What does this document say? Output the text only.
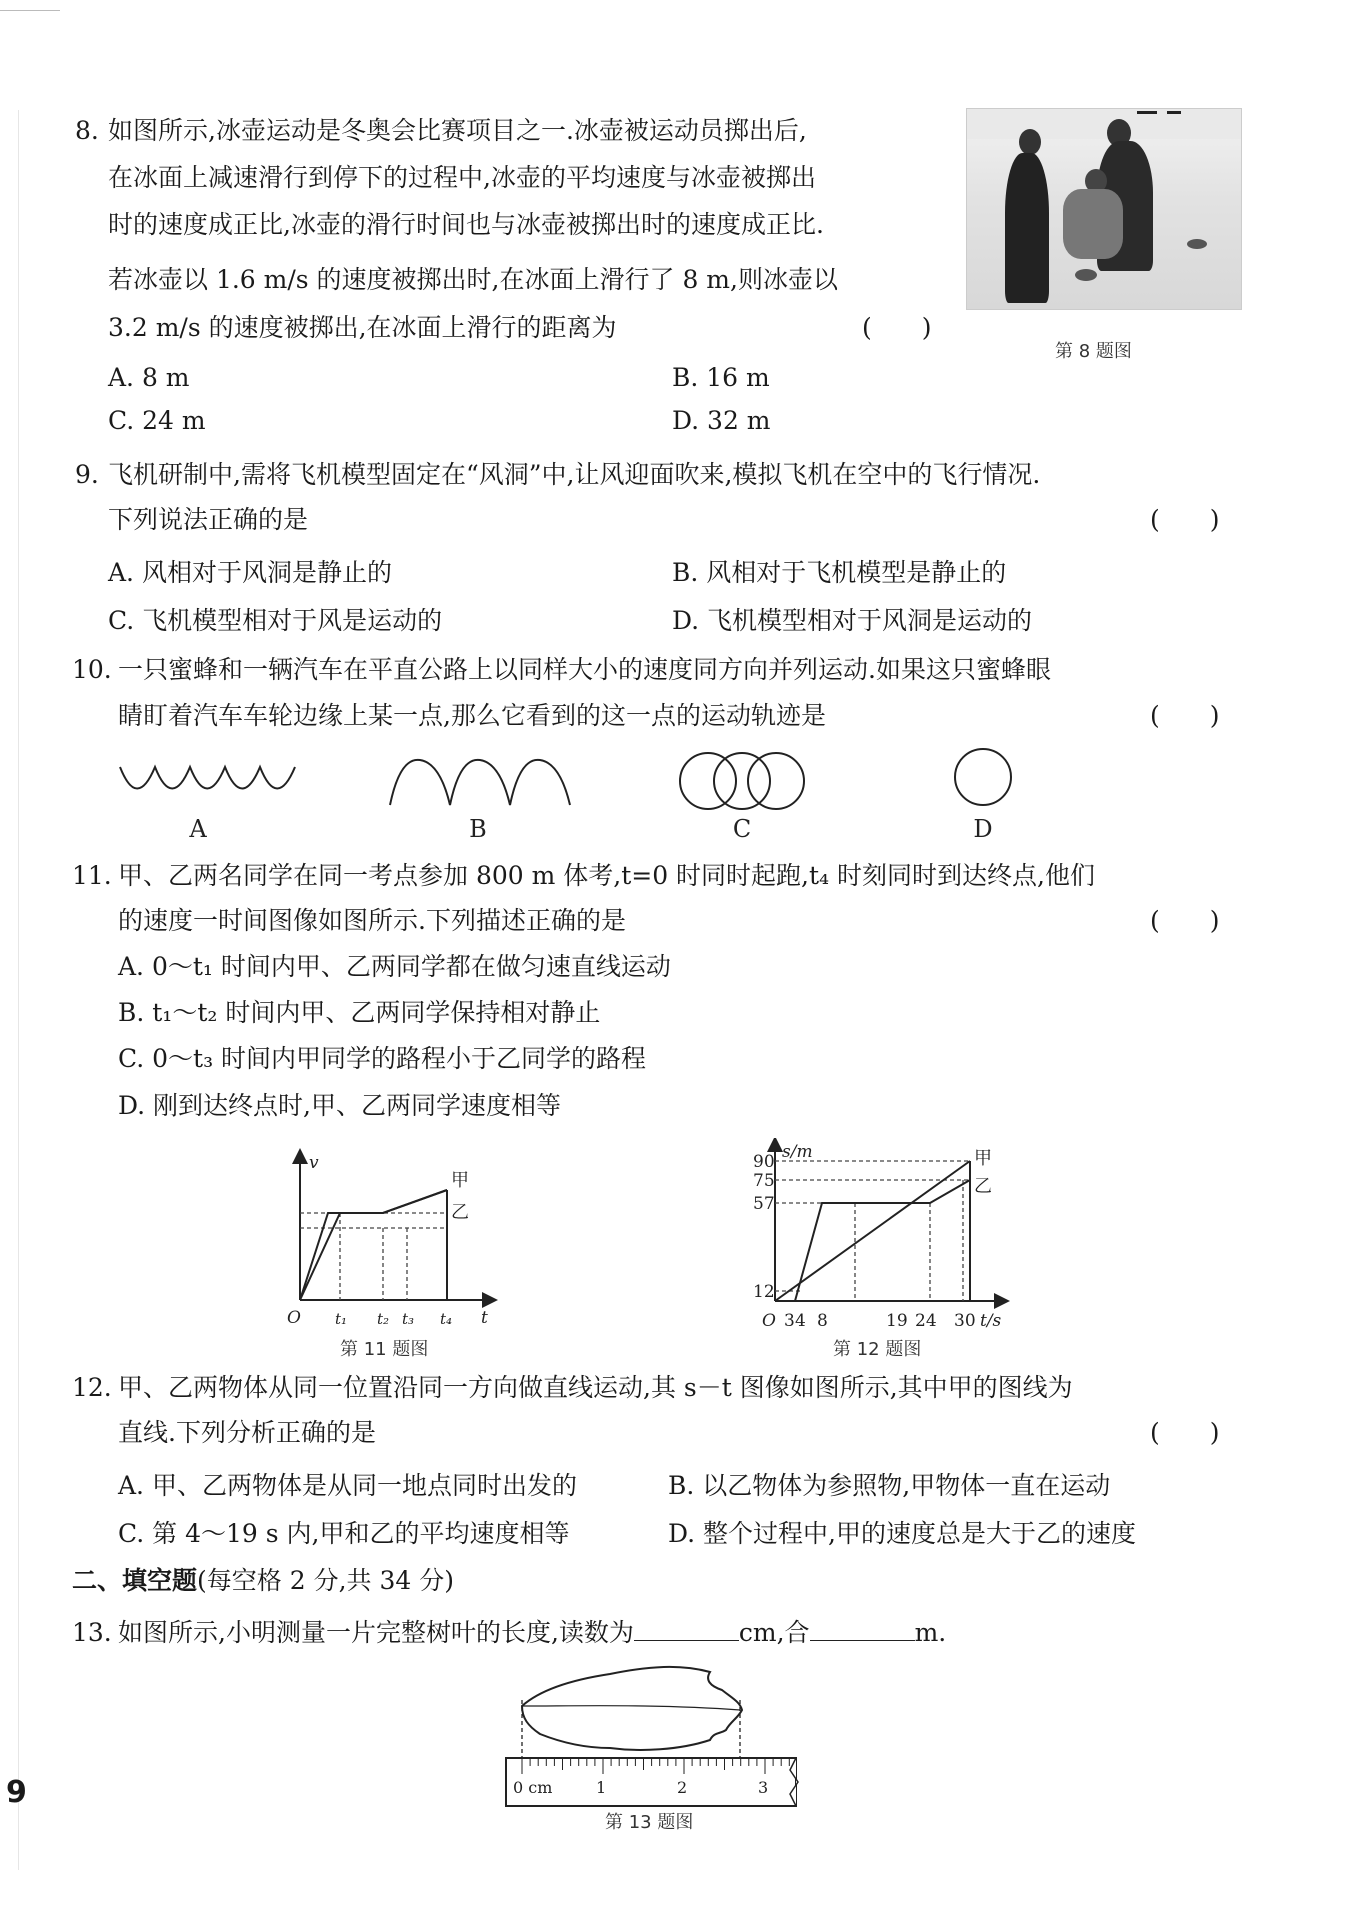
8. 如图所示,冰壶运动是冬奥会比赛项目之一.冰壶被运动员掷出后,
在冰面上减速滑行到停下的过程中,冰壶的平均速度与冰壶被掷出
时的速度成正比,冰壶的滑行时间也与冰壶被掷出时的速度成正比.
若冰壶以 1.6 m/s 的速度被掷出时,在冰面上滑行了 8 m,则冰壶以
3.2 m/s 的速度被掷出,在冰面上滑行的距离为	(　　)
第 8 题图
A. 8 m	B. 16 m
C. 24 m	D. 32 m
9. 飞机研制中,需将飞机模型固定在“风洞”中,让风迎面吹来,模拟飞机在空中的飞行情况.
下列说法正确的是	(　　)
A. 风相对于风洞是静止的	B. 风相对于飞机模型是静止的
C. 飞机模型相对于风是运动的	D. 飞机模型相对于风洞是运动的
10. 一只蜜蜂和一辆汽车在平直公路上以同样大小的速度同方向并列运动.如果这只蜜蜂眼
睛盯着汽车车轮边缘上某一点,那么它看到的这一点的运动轨迹是	(　　)
A	B	C	D
11. 甲、乙两名同学在同一考点参加 800 m 体考,t=0 时同时起跑,t₄ 时刻同时到达终点,他们
的速度一时间图像如图所示.下列描述正确的是	(　　)
A. 0～t₁ 时间内甲、乙两同学都在做匀速直线运动
B. t₁～t₂ 时间内甲、乙两同学保持相对静止
C. 0～t₃ 时间内甲同学的路程小于乙同学的路程
D. 刚到达终点时,甲、乙两同学速度相等
v
t
O t₁ t₂ t₃ t₄
甲
乙
第 11 题图
s/m
t/s
O
90
75
57
12
3 4 8	19 24 30
甲
乙
第 12 题图
12. 甲、乙两物体从同一位置沿同一方向做直线运动,其 s－t 图像如图所示,其中甲的图线为
直线.下列分析正确的是	(　　)
A. 甲、乙两物体是从同一地点同时出发的	B. 以乙物体为参照物,甲物体一直在运动
C. 第 4～19 s 内,甲和乙的平均速度相等	D. 整个过程中,甲的速度总是大于乙的速度
二、填空题(每空格 2 分,共 34 分)
13. 如图所示,小明测量一片完整树叶的长度,读数为	cm,合	m.
0 cm	1	2	3
第 13 题图
9
